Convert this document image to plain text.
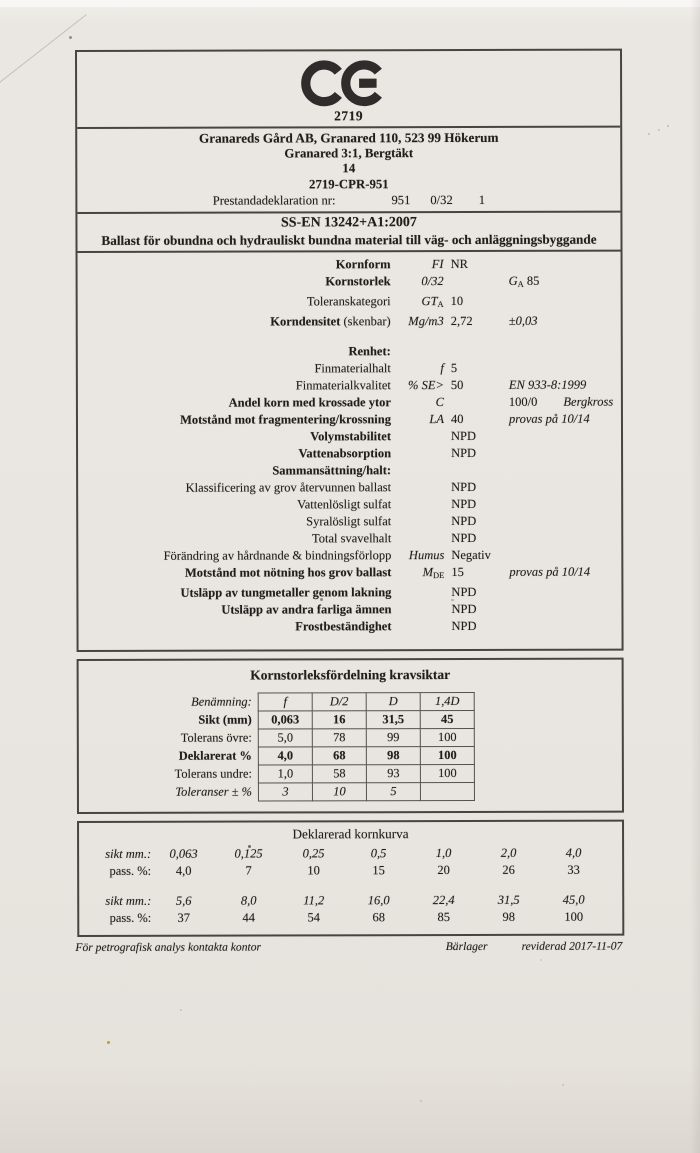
2719
Granareds Gård AB, Granared 110, 523 99 Hökerum
Granared 3:1, Bergtäkt
14
2719-CPR-951
Prestandadeklaration nr:	951 0/32 1
SS-EN 13242+A1:2007
Ballast för obundna och hydrauliskt bundna material till väg- och anläggningsbyggande
Kornform	FI NR
Kornstorlek	0/32	$G_A$ 85
Toleranskategori	$GT_A$ 10
Korndensitet (skenbar)	Mg/m3 2,72	±0,03
Renhet:
Finmaterialhalt	f 5
Finmaterialkvalitet	% SE> 50	EN 933-8:1999
Andel korn med krossade ytor	C	100/0 Bergkross
Motstånd mot fragmentering/krossning	LA 40	provas på 10/14
Volymstabilitet	NPD
Vattenabsorption	NPD
Sammansättning/halt:
Klassificering av grov återvunnen ballast	NPD
Vattenlösligt sulfat	NPD
Syralösligt sulfat	NPD
Total svavelhalt	NPD
Förändring av hårdnande & bindningsförlopp	Humus Negativ
Motstånd mot nötning hos grov ballast	$M_{DE}$ 15	provas på 10/14
Utsläpp av tungmetaller genom lakning	NPD
Utsläpp av andra farliga ämnen	NPD
Frostbeständighet	NPD
Kornstorleksfördelning kravsiktar
Benämning:	f	D/2	D	1,4D
Sikt (mm)	0,063	16	31,5	45
Tolerans övre:	5,0	78	99	100
Deklarerat %	4,0	68	98	100
Tolerans undre:	1,0	58	93	100
Toleranser ± %	3	10	5	
Deklarerad kornkurva
sikt mm.:	0,063	0,125	0,25	0,5	1,0	2,0	4,0
pass. %:	4,0	7	10	15	20	26	33
sikt mm.:	5,6	8,0	11,2	16,0	22,4	31,5	45,0
pass. %:	37	44	54	68	85	98	100
För petrografisk analys kontakta kontor	Bärlager	reviderad 2017-11-07
